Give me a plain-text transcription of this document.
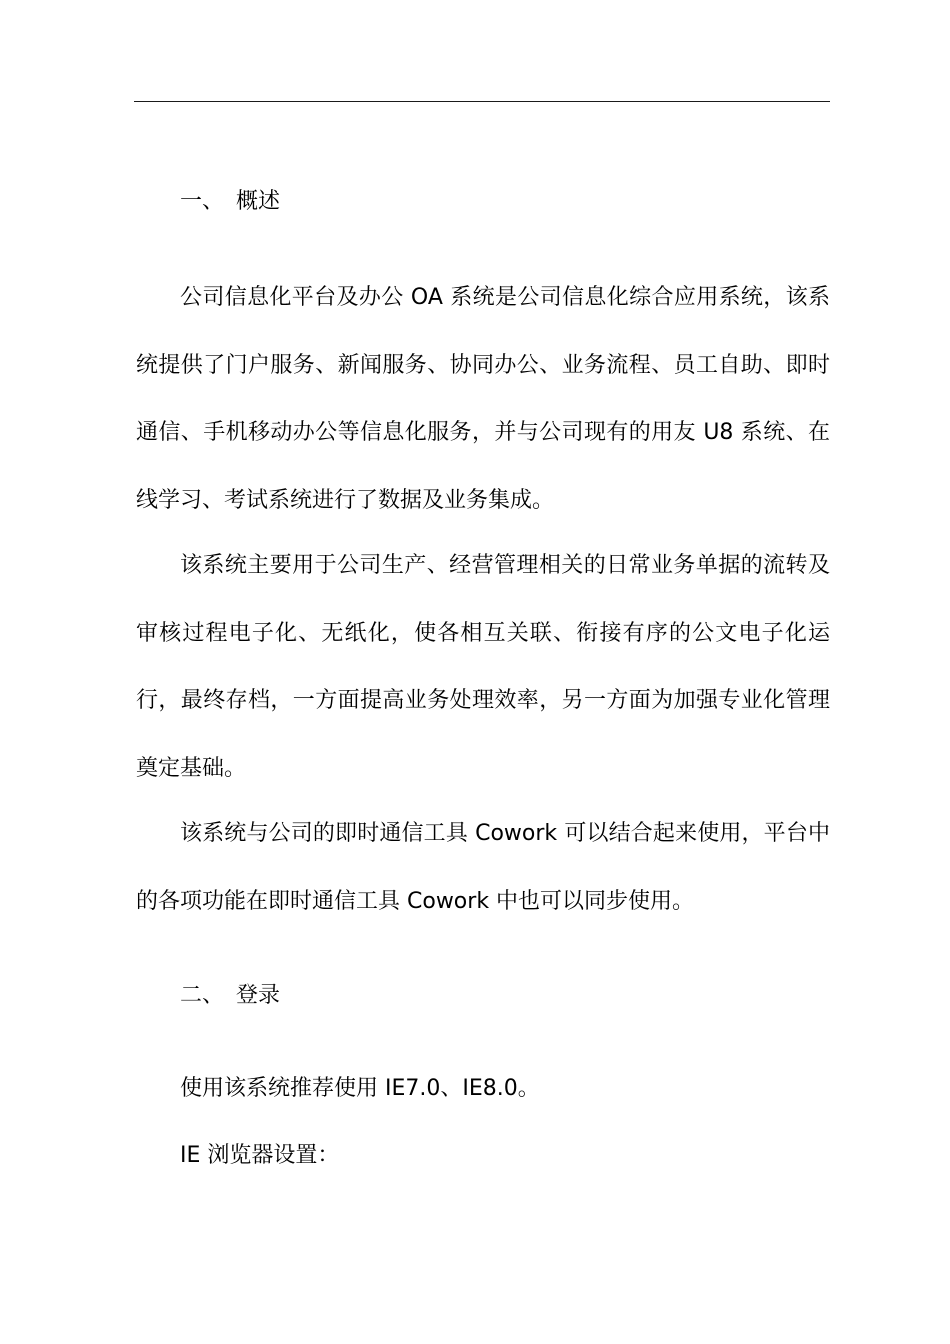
一、 概述

公司信息化平台及办公 OA 系统是公司信息化综合应用系统，该系统提供了门户服务、新闻服务、协同办公、业务流程、员工自助、即时通信、手机移动办公等信息化服务，并与公司现有的用友 U8 系统、在线学习、考试系统进行了数据及业务集成。

该系统主要用于公司生产、经营管理相关的日常业务单据的流转及审核过程电子化、无纸化，使各相互关联、衔接有序的公文电子化运行，最终存档，一方面提高业务处理效率，另一方面为加强专业化管理奠定基础。

该系统与公司的即时通信工具 Cowork 可以结合起来使用，平台中的各项功能在即时通信工具 Cowork 中也可以同步使用。

二、 登录
使用该系统推荐使用 IE7.0、IE8.0。
IE 浏览器设置：
